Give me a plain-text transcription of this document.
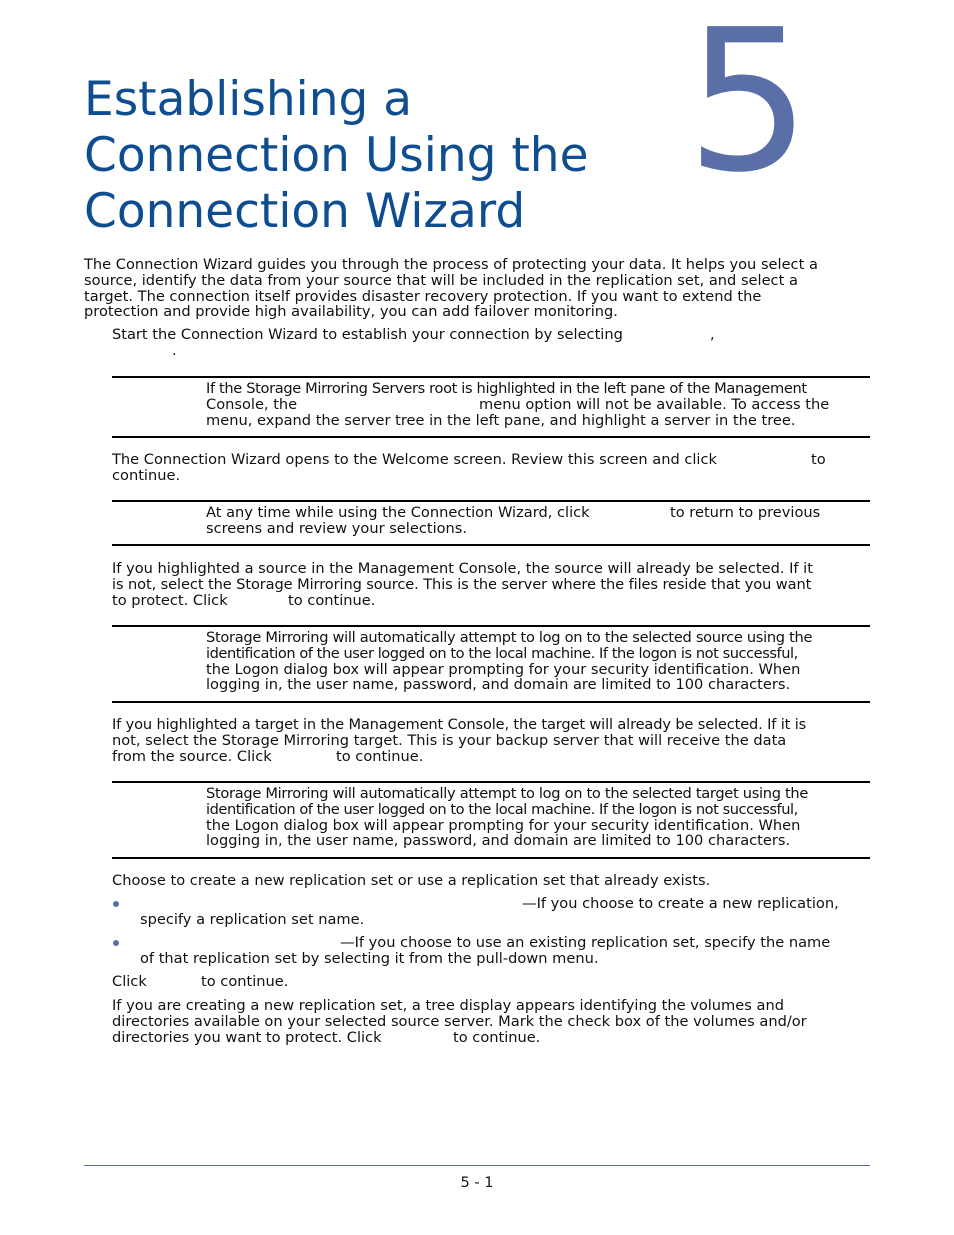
5
Establishing a
Connection Using the
Connection Wizard
The Connection Wizard guides you through the process of protecting your data. It helps you select a
source, identify the data from your source that will be included in the replication set, and select a
target. The connection itself provides disaster recovery protection. If you want to extend the
protection and provide high availability, you can add failover monitoring.
Start the Connection Wizard to establish your connection by selecting	,
.
If the Storage Mirroring Servers root is highlighted in the left pane of the Management
Console, the	menu option will not be available. To access the
menu, expand the server tree in the left pane, and highlight a server in the tree.
The Connection Wizard opens to the Welcome screen. Review this screen and click	to
continue.
At any time while using the Connection Wizard, click	to return to previous
screens and review your selections.
If you highlighted a source in the Management Console, the source will already be selected. If it
is not, select the Storage Mirroring source. This is the server where the files reside that you want
to protect. Click	to continue.
Storage Mirroring will automatically attempt to log on to the selected source using the
identification of the user logged on to the local machine. If the logon is not successful,
the Logon dialog box will appear prompting for your security identification. When
logging in, the user name, password, and domain are limited to 100 characters.
If you highlighted a target in the Management Console, the target will already be selected. If it is
not, select the Storage Mirroring target. This is your backup server that will receive the data
from the source. Click	to continue.
Storage Mirroring will automatically attempt to log on to the selected target using the
identification of the user logged on to the local machine. If the logon is not successful,
the Logon dialog box will appear prompting for your security identification. When
logging in, the user name, password, and domain are limited to 100 characters.
Choose to create a new replication set or use a replication set that already exists.
—If you choose to create a new replication,

specify a replication set name.
—If you choose to use an existing replication set, specify the name

of that replication set by selecting it from the pull-down menu.
Click	to continue.
If you are creating a new replication set, a tree display appears identifying the volumes and
directories available on your selected source server. Mark the check box of the volumes and/or
directories you want to protect. Click	to continue.
5 - 1
